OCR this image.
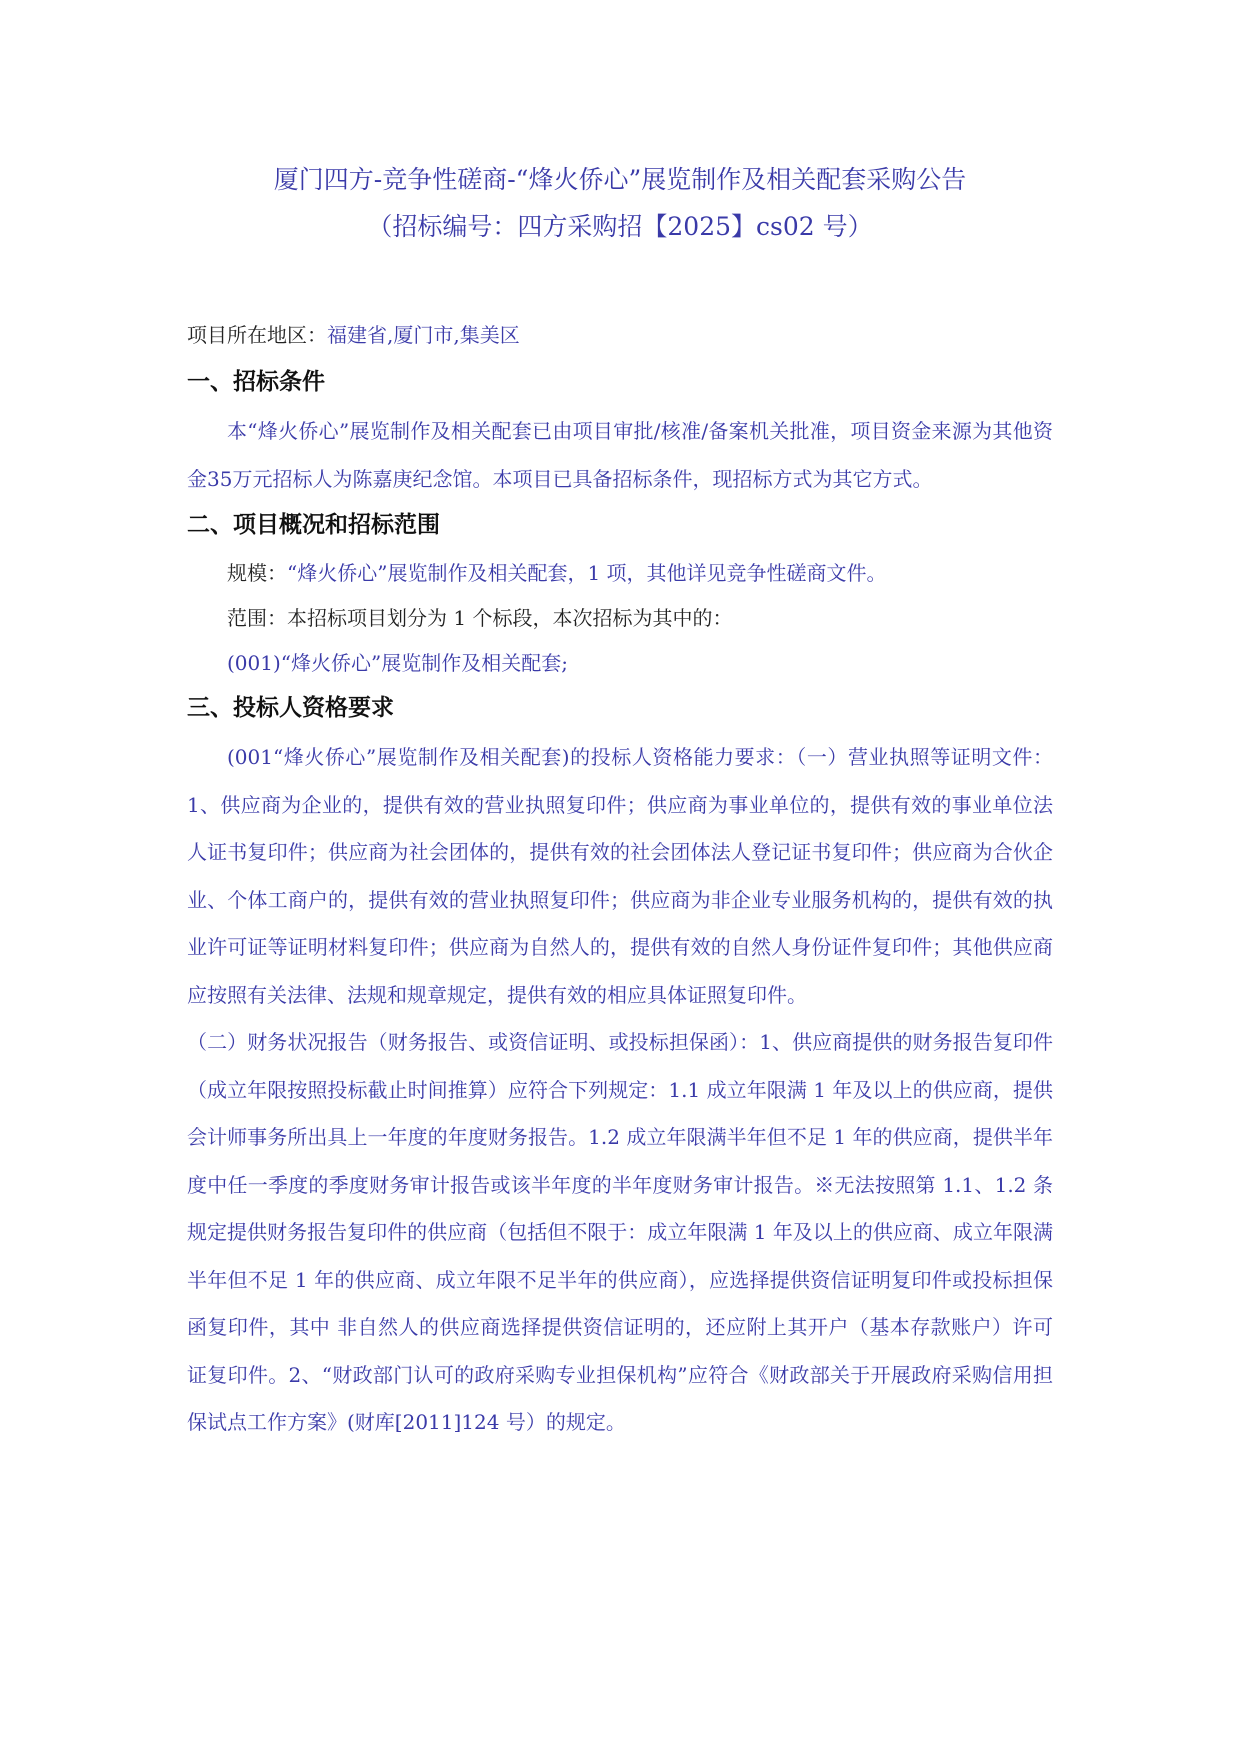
厦门四方-竞争性磋商-“烽火侨心”展览制作及相关配套采购公告
（招标编号：四方采购招【2025】cs02 号）
项目所在地区：福建省,厦门市,集美区
一、招标条件

本“烽火侨心”展览制作及相关配套已由项目审批/核准/备案机关批准，项目资金来源为其他资金35万元招标人为陈嘉庚纪念馆。本项目已具备招标条件，现招标方式为其它方式。

二、项目概况和招标范围
规模：“烽火侨心”展览制作及相关配套，1 项，其他详见竞争性磋商文件。
范围：本招标项目划分为 1 个标段，本次招标为其中的：
(001)“烽火侨心”展览制作及相关配套;
三、投标人资格要求

(001“烽火侨心”展览制作及相关配套)的投标人资格能力要求：（一）营业执照等证明文件：1、供应商为企业的，提供有效的营业执照复印件；供应商为事业单位的，提供有效的事业单位法人证书复印件；供应商为社会团体的，提供有效的社会团体法人登记证书复印件；供应商为合伙企业、个体工商户的，提供有效的营业执照复印件；供应商为非企业专业服务机构的，提供有效的执业许可证等证明材料复印件；供应商为自然人的，提供有效的自然人身份证件复印件；其他供应商应按照有关法律、法规和规章规定，提供有效的相应具体证照复印件。

（二）财务状况报告（财务报告、或资信证明、或投标担保函）：1、供应商提供的财务报告复印件（成立年限按照投标截止时间推算）应符合下列规定：1.1 成立年限满 1 年及以上的供应商，提供会计师事务所出具上一年度的年度财务报告。1.2 成立年限满半年但不足 1 年的供应商，提供半年度中任一季度的季度财务审计报告或该半年度的半年度财务审计报告。※无法按照第 1.1、1.2 条规定提供财务报告复印件的供应商（包括但不限于：成立年限满 1 年及以上的供应商、成立年限满半年但不足 1 年的供应商、成立年限不足半年的供应商），应选择提供资信证明复印件或投标担保 函复印件，其中 非自然人的供应商选择提供资信证明的，还应附上其开户（基本存款账户）许可证复印件。2、“财政部门认可的政府采购专业担保机构”应符合《财政部关于开展政府采购信用担保试点工作方案》(财库[2011]124 号）的规定。
